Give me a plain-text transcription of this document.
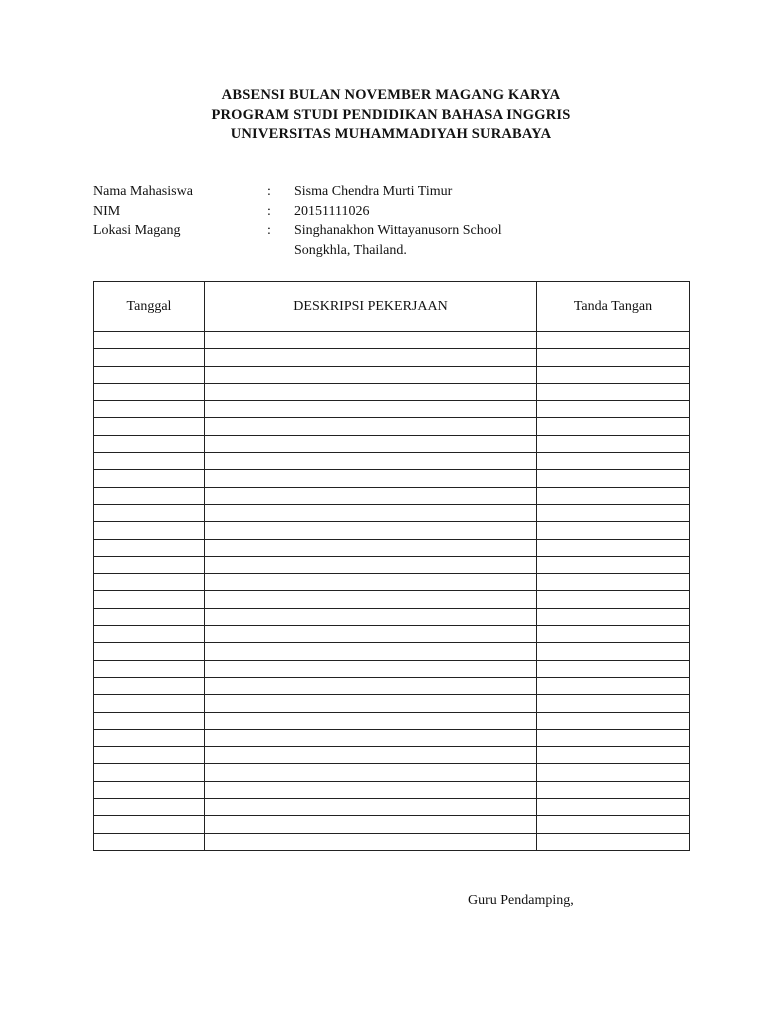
ABSENSI BULAN NOVEMBER MAGANG KARYA
PROGRAM STUDI PENDIDIKAN BAHASA INGGRIS
UNIVERSITAS MUHAMMADIYAH SURABAYA
Nama Mahasiswa	:	Sisma Chendra Murti Timur
NIM	:	20151111026
Lokasi Magang	:	Singhanakhon Wittayanusorn School
Songkhla, Thailand.
Tanggal	DESKRIPSI PEKERJAAN	Tanda Tangan

Guru Pendamping,
